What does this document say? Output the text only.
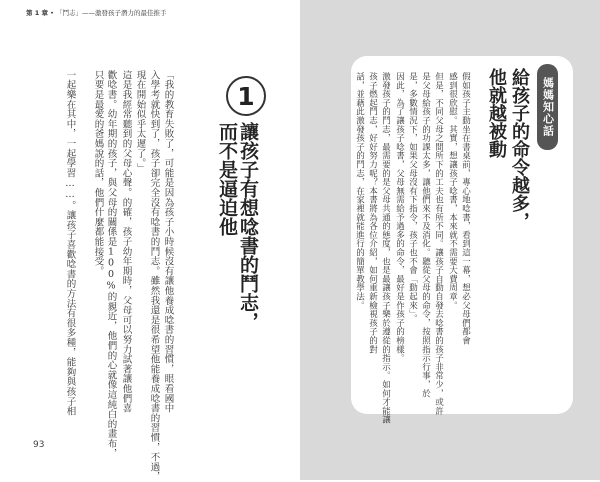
第 1 章 • 「鬥志」——激發孩子潛力的最佳推手
「我的教育失敗了，可能是因為孩子小時候沒有讓他養成唸書的習慣，眼看國中
入學考就快到了，孩子卻完全沒有唸書的鬥志。雖然我還是很希望他能養成唸書的習慣，不過，
現在開始似乎太遲了。」
這是我經常聽到的父母心聲。的確，孩子幼年期時，父母可以努力試著讓他們喜
歡唸書。幼年期的孩子，與父母的關係是100%的親近，他們的心就像這純白的畫布，
只要是最愛的爸媽說的話，他們什麼都能接受。
一起樂在其中，一起學習……。讓孩子喜歡唸書的方法有很多種，能夠與孩子相	1
讓孩子有想唸書的鬥志，
而不是逼迫他
93
媽媽知心話
給孩子的命令越多，
他就越被動
假如孩子主動坐在書桌前，專心地唸書，看到這一幕，想必父母們都會
感到很欣慰。其實，想讓孩子唸書，本來就不需要大費周章。
但是，不同父母之間所下的工夫也有所不同。讓孩子自動自發去唸書的孩子非常少，或許
是父母給孩子的功課太多，讓他們來不及消化。聽從父母的命令，按照指示行事，於
是，多數情況下，如果父母沒有下指令，孩子也不會「動起來」。
因此，為了讓孩子唸書，父母無需給予過多的命令，最好是作孩子的榜樣。
激發孩子的鬥志，最需要的是父母共通的態度，也是最讓孩子樂於遵從的指示。如何才能讓
孩子燃起鬥志，好好努力呢？本書將為各位介紹，如何重新檢視孩子的對
話，並藉此激發孩子的鬥志，在家裡就能進行的簡單教學法。
